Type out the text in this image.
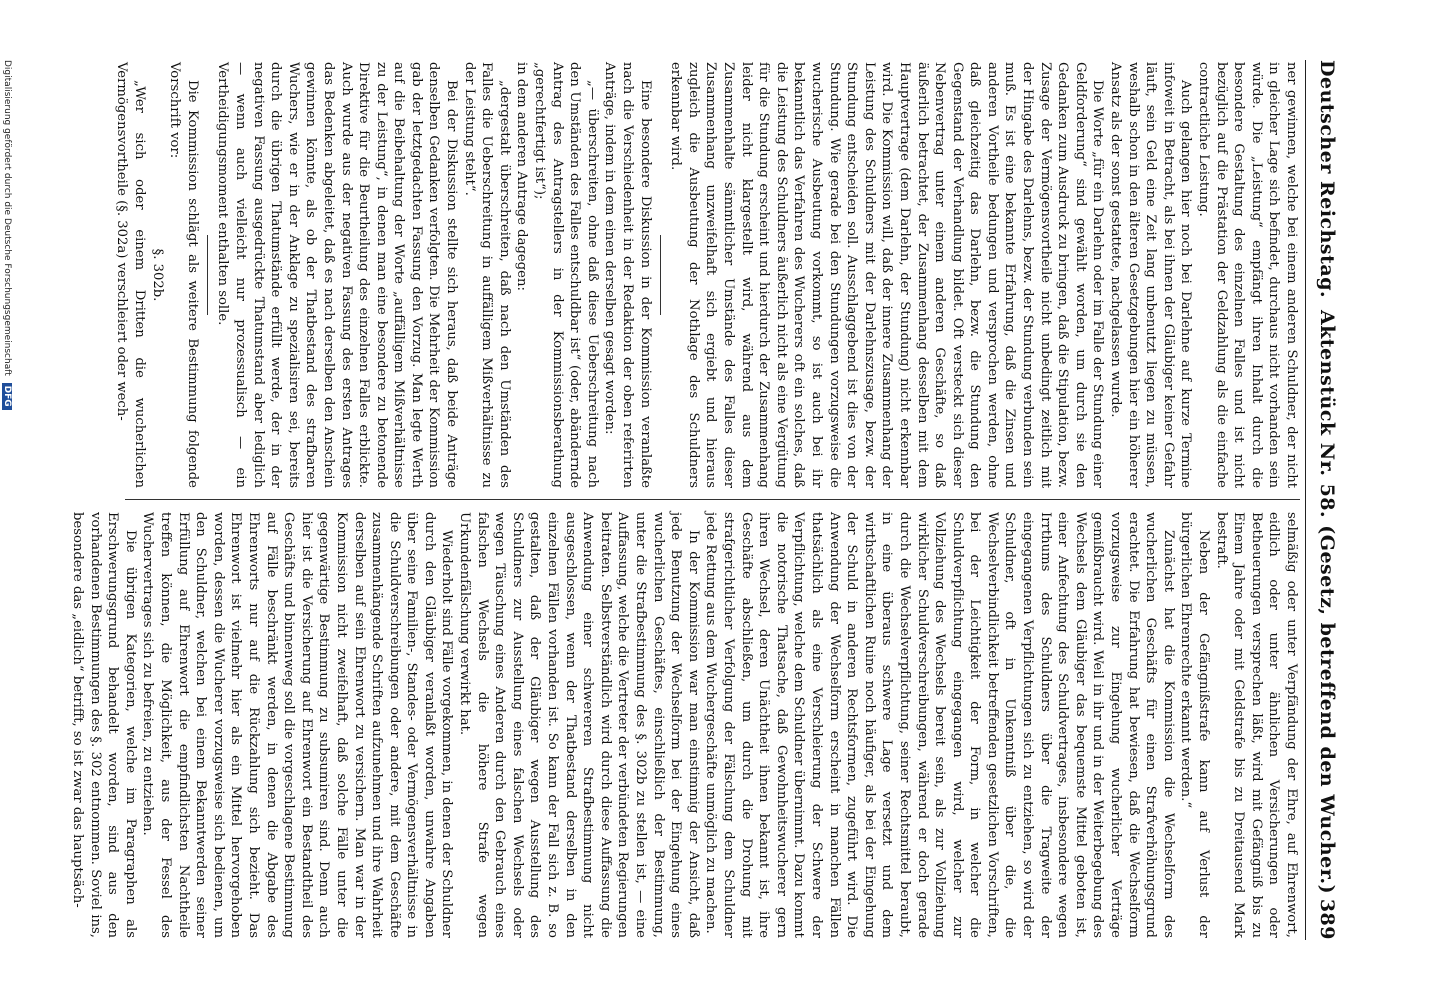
Deutscher Reichstag.
Aktenstück Nr. 58. (Gesetz, betreffend den Wucher.)
389

ner gewinnen, welche bei einem anderen Schuldner, der nicht in gleicher Lage sich befindet, durchaus nicht vorhanden sein würde. Die „Leistung“ empfängt ihren Inhalt durch die besondere Gestaltung des einzelnen Falles und ist nicht bezüglich auf die Prästation der Geldzahlung als die einfache contractliche Leistung.

Auch gelangen hier noch bei Darlehne auf kurze Termine infoweit in Betracht, als bei ihnen der Gläubiger keiner Gefahr läuft, sein Geld eine Zeit lang unbenutzt liegen zu müssen, weshalb schon in den älteren Gesetzgebungen hier ein höherer Ansatz als der sonst gestattete, nachgelassen wurde.

Die Worte „für ein Darlehn oder im Falle der Stundung einer Geldforderung“ sind gewählt worden, um durch sie den Gedanken zum Ausdruck zu bringen, daß die Stipulation, bezw. Zusage der Vermögensvortheile nicht unbedingt zeitlich mit der Hingabe des Darlehns, bezw. der Stundung verbunden sein muß. Es ist eine bekannte Erfahrung, daß die Zinsen und anderen Vortheile bedungen und versprochen werden, ohne daß gleichzeitig das Darlehn, bezw. die Stundung den Gegenstand der Verhandlung bildet. Oft versteckt sich dieser Nebenvertrag unter einem anderen Geschäfte, so daß äußerlich betrachtet, der Zusammenhang desselben mit dem Hauptvertrage (dem Darlehn, der Stundung) nicht erkennbar wird. Die Kommission will, daß der innere Zusammenhang der Leistung des Schuldners mit der Darlehnszusage, bezw. der Stundung entscheiden soll. Ausschlaggebend ist dies von der Stundung. Wie gerade bei den Stundungen vorzugsweise die wucherische Ausbeutung vorkommt, so ist auch bei ihr bekanntlich das Verfahren des Wucherers oft ein solches, daß die Leistung des Schuldners äußerlich nicht als eine Vergütung für die Stundung erscheint und hierdurch der Zusammenhang leider nicht klargestellt wird, während aus dem Zusammenhalte sämmtlicher Umstände des Falles dieser Zusammenhang unzweifelhaft sich ergiebt und hieraus zugleich die Ausbeutung der Nothlage des Schuldners erkennbar wird.

Eine besondere Diskussion in der Kommission veranlaßte nach die Verschiedenheit in der Redaktion der oben referirten Anträge, indem in dem einen derselben gesagt worden:

„— überschreiten, ohne daß diese Ueberschreitung nach den Umständen des Falles entschuldbar ist“ (oder, abändernde Antrag des Antragstellers in der Kommissionsberathung „gerechtfertigt ist“);

in dem anderen Antrage dagegen:

„dergestalt überschreiten, daß nach den Umständen des Falles die Ueberschreitung in auffälligem Mißverhältnisse zu der Leistung steht“.

Bei der Diskussion stellte sich heraus, daß beide Anträge denselben Gedanken verfolgten. Die Mehrheit der Kommission gab der letztgedachten Fassung den Vorzug. Man legte Werth auf die Beibehaltung der Worte „auffälligem Mißverhältnisse zu der Leistung“, in denen man eine besondere zu betonende Direktive für die Beurtheilung des einzelnen Falles erblickte. Auch wurde aus der negativen Fassung des ersten Antrages das Bedenken abgeleitet, daß es nach derselben den Anschein gewinnen könnte, als ob der Thatbestand des strafbaren Wuchers, wie er in der Anklage zu spezialisiren sei, bereits durch die übrigen Thatumstände erfüllt werde, der in der negativen Fassung ausgedrückte Thatumstand aber lediglich — wenn auch vielleicht nur prozessualisch — ein Vertheidigungsmoment enthalten solle.

Die Kommission schlägt als weitere Bestimmung folgende Vorschrift vor:

§. 302b.

„Wer sich oder einem Dritten die wucherlichen Vermögensvortheile (§. 302a) verschleiert oder wech-

selmäßig oder unter Verpfändung der Ehre, auf Ehrenwort, eidlich oder unter ähnlichen Versicherungen oder Betheuerungen versprechen läßt, wird mit Gefängniß bis zu Einem Jahre oder mit Geldstrafe bis zu Dreitausend Mark bestraft.

Neben der Gefängnißstrafe kann auf Verlust der bürgerlichen Ehrenrechte erkannt werden.“

Zunächst hat die Kommission die Wechselform des wucherlichen Geschäfts für einen Strafverhöhungsgrund erachtet. Die Erfahrung hat bewiesen, daß die Wechselform vorzugsweise zur Eingehung wucherlicher Verträge gemißbraucht wird. Weil in ihr und in der Weiterbegebung des Wechsels dem Gläubiger das bequemste Mittel geboten ist, einer Anfechtung des Schuldvertrages, insbesondere wegen Irrthums des Schuldners über die Tragweite der eingegangenen Verpflichtungen sich zu entziehen, so wird der Schuldner, oft in Unkenntniß über die, die Wechselverbindlichkeit betreffenden gesetzlichen Vorschriften, bei der Leichtigkeit der Form, in welcher die Schuldverpflichtung eingegangen wird, welcher zur Vollziehung des Wechsels bereit sein, als zur Vollziehung wirklicher Schuldverschreibungen, während er doch gerade durch die Wechselverpflichtung, seiner Rechtsmittel beraubt, in eine überaus schwere Lage versetzt und dem wirthschaftlichen Ruine noch häufiger, als bei der Eingehung der Schuld in anderen Rechtsformen, zugeführt wird. Die Anwendung der Wechselform erscheint in manchen Fällen thatsächlich als eine Verschleierung der Schwere der Verpflichtung, welche dem Schuldner übernimmt. Dazu kommt die notorische Thatsache, daß Gewohnheitswucherer gern ihren Wechsel, deren Unächtheit ihnen bekannt ist, ihre Geschäfte abschließen, um durch die Drohung mit strafgerichtlicher Verfolgung der Fälschung dem Schuldner jede Rettung aus dem Wuchergeschäfte unmöglich zu machen.

In der Kommission war man einstimmig der Ansicht, daß jede Benutzung der Wechselform bei der Eingehung eines wucherlichen Geschäftes, einschließlich der Bestimmung, unter die Strafbestimmung des §. 302b zu stellen ist, — eine Auffassung, welche die Vertreter der verbündeten Regierungen beitraten. Selbstverständlich wird durch diese Auffassung die Anwendung einer schwereren Strafbestimmung nicht ausgeschlossen, wenn der Thatbestand derselben in den einzelnen Fällen vorhanden ist. So kann der Fall sich z. B. so gestalten, daß der Gläubiger wegen Ausstellung des Schuldners zur Ausstellung eines falschen Wechsels oder wegen Täuschung eines Anderen durch den Gebrauch eines falschen Wechsels die höhere Strafe wegen Urkundenfälschung verwirkt hat.

Wiederholt sind Fälle vorgekommen, in denen der Schuldner durch den Gläubiger veranlaßt worden, unwahre Angaben über seine Familien-, Standes- oder Vermögensverhältnisse in die Schuldverschreibungen oder andere, mit dem Geschäfte zusammenhängende Schriften aufzunehmen und ihre Wahrheit derselben auf sein Ehrenwort zu versichern. Man war in der Kommission nicht zweifelhaft, daß solche Fälle unter die gegenwärtige Bestimmung zu subsumiren sind. Denn auch hier ist die Versicherung auf Ehrenwort ein Bestandtheil des Geschäfts und binnenweg soll die vorgeschlagene Bestimmung auf Fälle beschränkt werden, in denen die Abgabe des Ehrenworts nur auf die Rückzahlung sich bezieht. Das Ehrenwort ist vielmehr hier als ein Mittel hervorgehoben worden, dessen die Wucherer vorzugsweise sich bedienen, um den Schuldner, welchen bei einem Bekanntwerden seiner Erfüllung auf Ehrenwort die empfindlichsten Nachtheile treffen können, die Möglichkeit, aus der Fessel des Wuchervertrages sich zu befreien, zu entziehen.

Die übrigen Kategorien, welche im Paragraphen als Erschwerungsgrund behandelt worden, sind aus den vorhandenen Bestimmungen des §. 302 entnommen. Soviel ins, besondere das „eidlich“ betrifft, so ist zwar das hauptsäch-

Digitalisierung gefördert durch die Deutsche Forschungsgemeinschaft DFG
